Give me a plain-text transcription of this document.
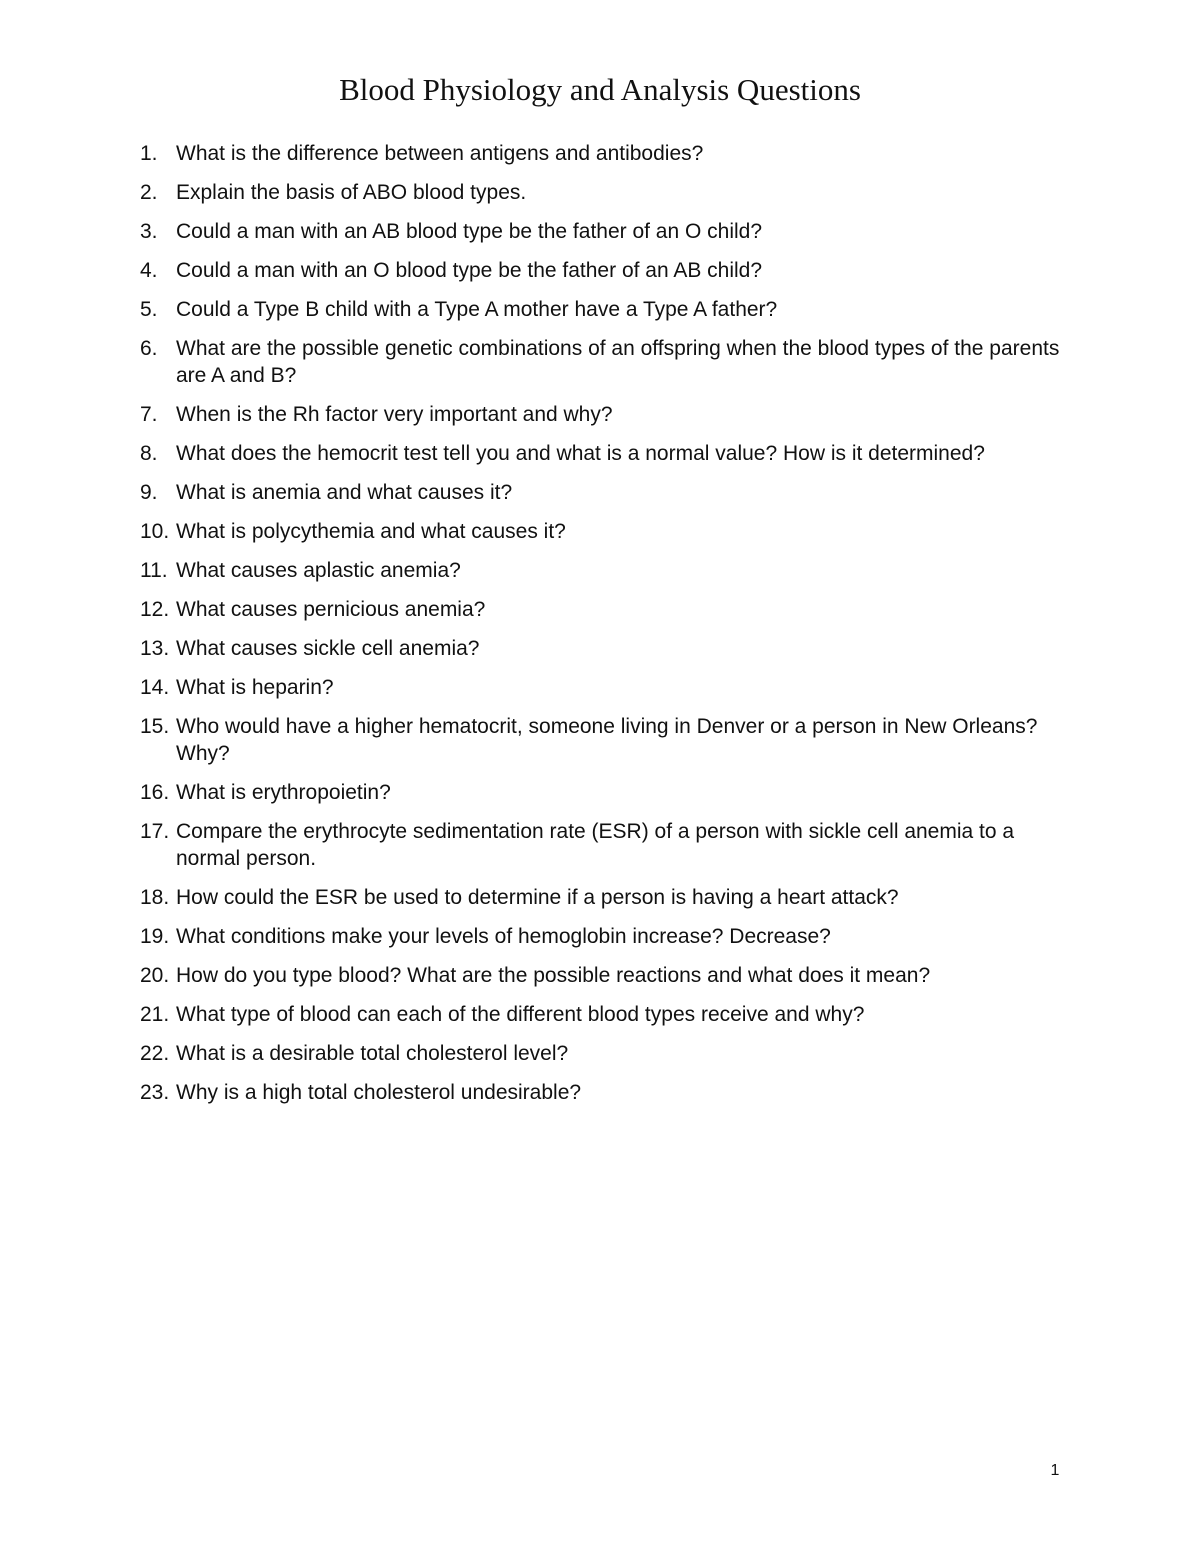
Blood Physiology and Analysis Questions
1. What is the difference between antigens and antibodies?
2. Explain the basis of ABO blood types.
3. Could a man with an AB blood type be the father of an O child?
4. Could a man with an O blood type be the father of an AB child?
5. Could a Type B child with a Type A mother have a Type A father?
6. What are the possible genetic combinations of an offspring when the blood types of the parents are A and B?
7. When is the Rh factor very important and why?
8. What does the hemocrit test tell you and what is a normal value? How is it determined?
9. What is anemia and what causes it?
10. What is polycythemia and what causes it?
11. What causes aplastic anemia?
12. What causes pernicious anemia?
13. What causes sickle cell anemia?
14. What is heparin?
15. Who would have a higher hematocrit, someone living in Denver or a person in New Orleans? Why?
16. What is erythropoietin?
17. Compare the erythrocyte sedimentation rate (ESR) of a person with sickle cell anemia to a normal person.
18. How could the ESR be used to determine if a person is having a heart attack?
19. What conditions make your levels of hemoglobin increase? Decrease?
20. How do you type blood? What are the possible reactions and what does it mean?
21. What type of blood can each of the different blood types receive and why?
22. What is a desirable total cholesterol level?
23. Why is a high total cholesterol undesirable?
1
